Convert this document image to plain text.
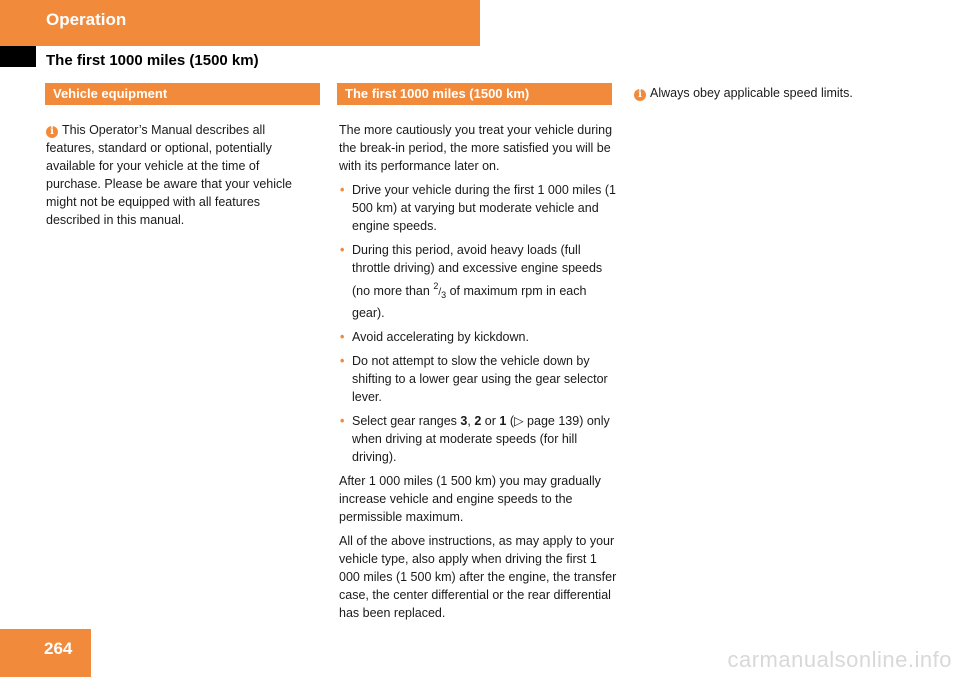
Operation
The first 1000 miles (1500 km)
Vehicle equipment
i This Operator’s Manual describes all features, standard or optional, potentially available for your vehicle at the time of purchase. Please be aware that your vehicle might not be equipped with all features described in this manual.
The first 1000 miles (1500 km)

The more cautiously you treat your vehicle during the break-in period, the more satisfied you will be with its performance later on.

• Drive your vehicle during the first 1 000 miles (1 500 km) at varying but moderate vehicle and engine speeds.
• During this period, avoid heavy loads (full throttle driving) and excessive engine speeds (no more than 2/3 of maximum rpm in each gear).
• Avoid accelerating by kickdown.
• Do not attempt to slow the vehicle down by shifting to a lower gear using the gear selector lever.
• Select gear ranges 3, 2 or 1 (▷ page 139) only when driving at moderate speeds (for hill driving).

After 1 000 miles (1 500 km) you may gradually increase vehicle and engine speeds to the permissible maximum.

All of the above instructions, as may apply to your vehicle type, also apply when driving the first 1 000 miles (1 500 km) after the engine, the transfer case, the center differential or the rear differential has been replaced.

i Always obey applicable speed limits.
264	carmanualsonline.info
